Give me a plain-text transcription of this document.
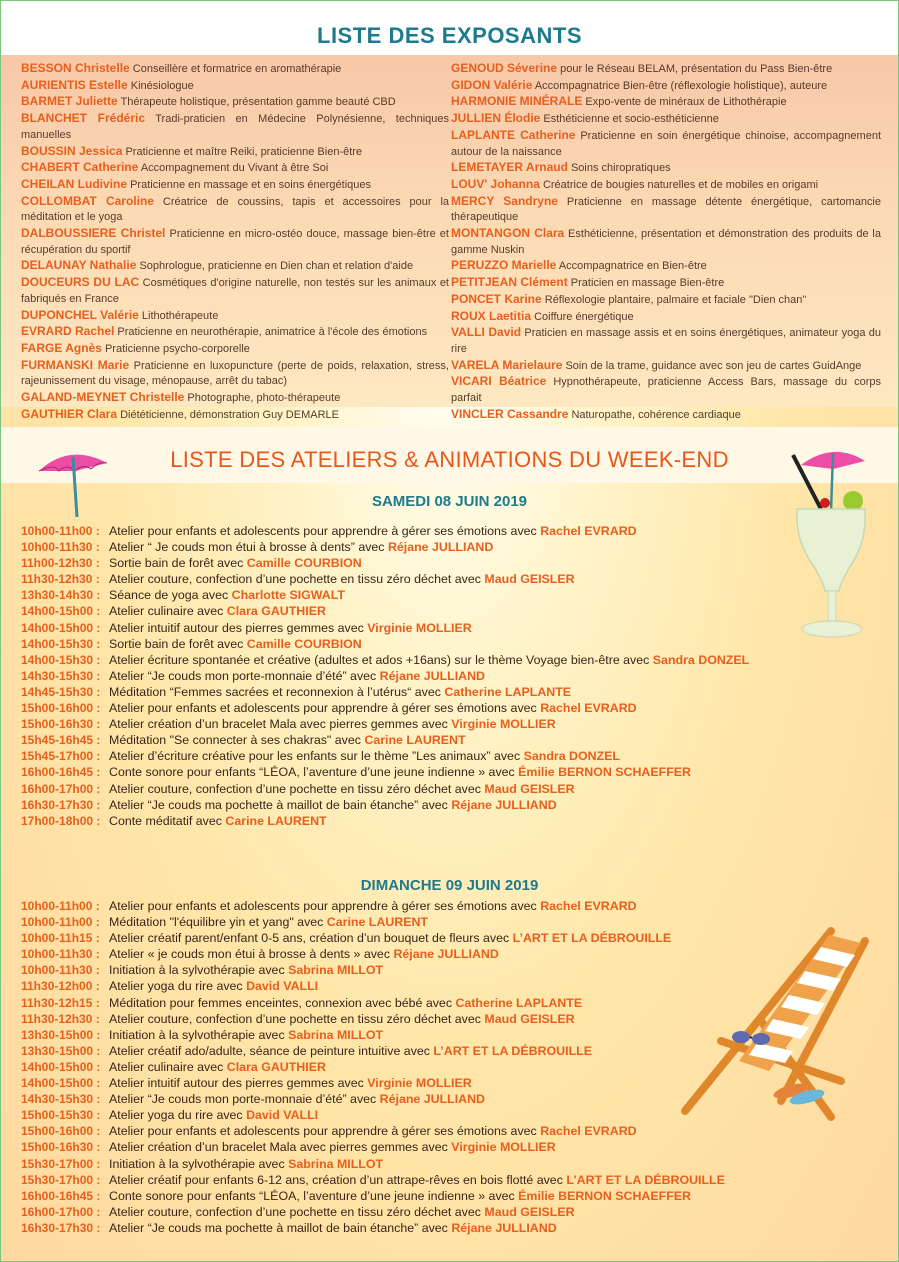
LISTE DES EXPOSANTS
BESSON Christelle Conseillère et formatrice en aromathérapie
AURIENTIS Estelle Kinésiologue
BARMET Juliette Thérapeute holistique, présentation gamme beauté CBD
BLANCHET Frédéric Tradi-praticien en Médecine Polynésienne, techniques manuelles
BOUSSIN Jessica Praticienne et maître Reiki, praticienne Bien-être
CHABERT Catherine Accompagnement du Vivant à être Soi
CHEILAN Ludivine Praticienne en massage et en soins énergétiques
COLLOMBAT Caroline Créatrice de coussins, tapis et accessoires pour la méditation et le yoga
DALBOUSSIERE Christel Praticienne en micro-ostéo douce, massage bien-être et récupération du sportif
DELAUNAY Nathalie Sophrologue, praticienne en Dien chan et relation d'aide
DOUCEURS DU LAC Cosmétiques d'origine naturelle, non testés sur les animaux et fabriqués en France
DUPONCHEL Valérie Lithothérapeute
EVRARD Rachel Praticienne en neurothérapie, animatrice à l'école des émotions
FARGE Agnès Praticienne psycho-corporelle
FURMANSKI Marie Praticienne en luxopuncture (perte de poids, relaxation, stress, rajeunissement du visage, ménopause, arrêt du tabac)
GALAND-MEYNET Christelle Photographe, photo-thérapeute
GAUTHIER Clara Diététicienne, démonstration Guy DEMARLE
GENOUD Séverine pour le Réseau BELAM, présentation du Pass Bien-être
GIDON Valérie Accompagnatrice Bien-être (réflexologie holistique), auteure
HARMONIE MINÉRALE Expo-vente de minéraux de Lithothérapie
JULLIEN Élodie Esthéticienne et socio-esthéticienne
LAPLANTE Catherine Praticienne en soin énergétique chinoise, accompagnement autour de la naissance
LEMETAYER Arnaud Soins chiropratiques
LOUV' Johanna Créatrice de bougies naturelles et de mobiles en origami
MERCY Sandryne Praticienne en massage détente énergétique, cartomancie thérapeutique
MONTANGON Clara Esthéticienne, présentation et démonstration des produits de la gamme Nuskin
PERUZZO Marielle Accompagnatrice en Bien-être
PETITJEAN Clément Praticien en massage Bien-être
PONCET Karine Réflexologie plantaire, palmaire et faciale "Dien chan"
ROUX Laetitia Coiffure énergétique
VALLI David Praticien en massage assis et en soins énergétiques, animateur yoga du rire
VARELA Marielaure Soin de la trame, guidance avec son jeu de cartes GuidAnge
VICARI Béatrice Hypnothérapeute, praticienne Access Bars, massage du corps parfait
VINCLER Cassandre Naturopathe, cohérence cardiaque
LISTE DES ATELIERS & ANIMATIONS DU WEEK-END
SAMEDI 08 JUIN 2019
10h00-11h00 : Atelier pour enfants et adolescents pour apprendre à gérer ses émotions avec Rachel EVRARD
10h00-11h30 : Atelier “ Je couds mon étui à brosse à dents” avec Réjane JULLIAND
11h00-12h30 : Sortie bain de forêt avec Camille COURBION
11h30-12h30 : Atelier couture, confection d’une pochette en tissu zéro déchet avec Maud GEISLER
13h30-14h30 : Séance de yoga avec Charlotte SIGWALT
14h00-15h00 : Atelier culinaire avec Clara GAUTHIER
14h00-15h00 : Atelier intuitif autour des pierres gemmes avec Virginie MOLLIER
14h00-15h30 : Sortie bain de forêt avec Camille COURBION
14h00-15h30 : Atelier écriture spontanée et créative (adultes et ados +16ans) sur le thème Voyage bien-être avec Sandra DONZEL
14h30-15h30 : Atelier “Je couds mon porte-monnaie d’été” avec Réjane JULLIAND
14h45-15h30 : Méditation “Femmes sacrées et reconnexion à l’utérus“ avec Catherine LAPLANTE
15h00-16h00 : Atelier pour enfants et adolescents pour apprendre à gérer ses émotions avec Rachel EVRARD
15h00-16h30 : Atelier création d’un bracelet Mala avec pierres gemmes avec Virginie MOLLIER
15h45-16h45 : Méditation "Se connecter à ses chakras" avec Carine LAURENT
15h45-17h00 : Atelier d’écriture créative pour les enfants sur le thème ”Les animaux” avec Sandra DONZEL
16h00-16h45 : Conte sonore pour enfants “LÉOA, l’aventure d’une jeune indienne » avec Émilie BERNON SCHAEFFER
16h00-17h00 : Atelier couture, confection d’une pochette en tissu zéro déchet avec Maud GEISLER
16h30-17h30 : Atelier “Je couds ma pochette à maillot de bain étanche” avec Réjane JULLIAND
17h00-18h00 : Conte méditatif avec Carine LAURENT
DIMANCHE 09 JUIN 2019
10h00-11h00 : Atelier pour enfants et adolescents pour apprendre à gérer ses émotions avec Rachel EVRARD
10h00-11h00 : Méditation "l'équilibre yin et yang" avec Carine LAURENT
10h00-11h15 : Atelier créatif parent/enfant 0-5 ans, création d’un bouquet de fleurs avec L’ART ET LA DÉBROUILLE
10h00-11h30 : Atelier « je couds mon étui à brosse à dents » avec Réjane JULLIAND
10h00-11h30 : Initiation à la sylvothérapie avec Sabrina MILLOT
11h30-12h00 : Atelier yoga du rire avec David VALLI
11h30-12h15 : Méditation pour femmes enceintes, connexion avec bébé avec Catherine LAPLANTE
11h30-12h30 : Atelier couture, confection d’une pochette en tissu zéro déchet avec Maud GEISLER
13h30-15h00 : Initiation à la sylvothérapie avec Sabrina MILLOT
13h30-15h00 : Atelier créatif ado/adulte, séance de peinture intuitive avec L’ART ET LA DÉBROUILLE
14h00-15h00 : Atelier culinaire avec Clara GAUTHIER
14h00-15h00 : Atelier intuitif autour des pierres gemmes avec Virginie MOLLIER
14h30-15h30 : Atelier “Je couds mon porte-monnaie d’été” avec Réjane JULLIAND
15h00-15h30 : Atelier yoga du rire avec David VALLI
15h00-16h00 : Atelier pour enfants et adolescents pour apprendre à gérer ses émotions avec Rachel EVRARD
15h00-16h30 : Atelier création d’un bracelet Mala avec pierres gemmes avec Virginie MOLLIER
15h30-17h00 : Initiation à la sylvothérapie avec Sabrina MILLOT
15h30-17h00 : Atelier créatif pour enfants 6-12 ans, création d’un attrape-rêves en bois flotté avec L’ART ET LA DÉBROUILLE
16h00-16h45 : Conte sonore pour enfants “LÉOA, l’aventure d’une jeune indienne » avec Émilie BERNON SCHAEFFER
16h00-17h00 : Atelier couture, confection d’une pochette en tissu zéro déchet avec Maud GEISLER
16h30-17h30 : Atelier “Je couds ma pochette à maillot de bain étanche” avec Réjane JULLIAND
